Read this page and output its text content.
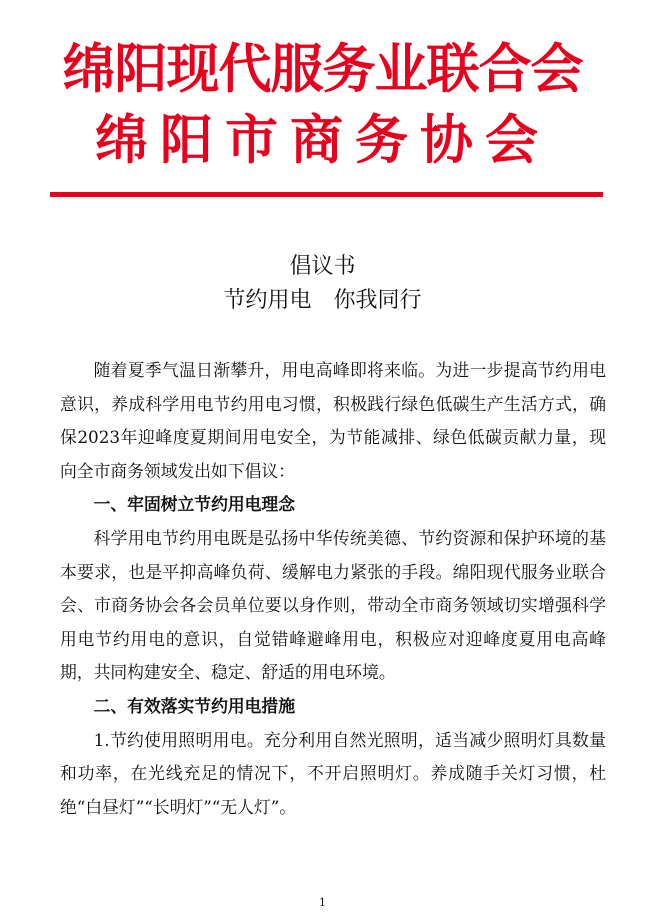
绵阳现代服务业联合会
绵阳市商务协会
倡议书
节约用电　你我同行

随着夏季气温日渐攀升，用电高峰即将来临。为进一步提高节约用电意识，养成科学用电节约用电习惯，积极践行绿色低碳生产生活方式，确保2023年迎峰度夏期间用电安全，为节能减排、绿色低碳贡献力量，现向全市商务领域发出如下倡议：

一、牢固树立节约用电理念

科学用电节约用电既是弘扬中华传统美德、节约资源和保护环境的基本要求，也是平抑高峰负荷、缓解电力紧张的手段。绵阳现代服务业联合会、市商务协会各会员单位要以身作则，带动全市商务领域切实增强科学用电节约用电的意识，自觉错峰避峰用电，积极应对迎峰度夏用电高峰期，共同构建安全、稳定、舒适的用电环境。

二、有效落实节约用电措施

1.节约使用照明用电。充分利用自然光照明，适当减少照明灯具数量和功率，在光线充足的情况下，不开启照明灯。养成随手关灯习惯，杜绝“白昼灯”“长明灯”“无人灯”。

1
